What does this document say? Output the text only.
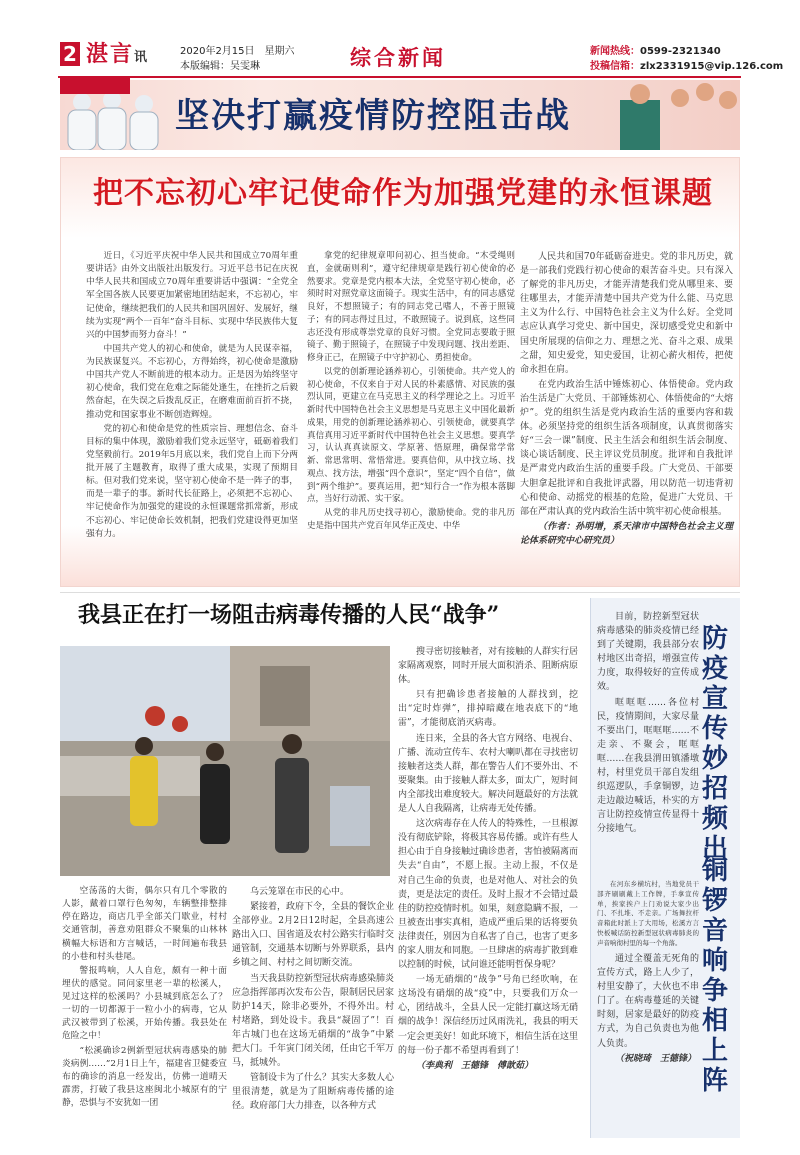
2 湛言讯	2020年2月15日　星期六
本版编辑：吴雯琳	综合新闻	新闻热线：0599-2321340
投稿信箱：zlx2331915@vip.126.com
坚决打赢疫情防控阻击战
把不忘初心牢记使命作为加强党建的永恒课题

近日，《习近平庆祝中华人民共和国成立70周年重要讲话》由外文出版社出版发行。习近平总书记在庆祝中华人民共和国成立70周年重要讲话中强调：“全党全军全国各族人民要更加紧密地团结起来，不忘初心，牢记使命，继续把我们的人民共和国巩固好、发展好，继续为实现“两个一百年”奋斗目标、实现中华民族伟大复兴的中国梦而努力奋斗！”

中国共产党人的初心和使命，就是为人民谋幸福，为民族谋复兴。不忘初心，方得始终，初心使命是激励中国共产党人不断前进的根本动力。正是因为始终坚守初心使命，我们党在危难之际能处逢生，在挫折之后毅然奋起，在失误之后拨乱反正，在磨难面前百折不挠，推动党和国家事业不断创造辉煌。

党的初心和使命是党的性质宗旨、理想信念、奋斗目标的集中体现，激励着我们党永远坚守，砥砺着我们党坚毅前行。2019年5月底以来，我们党自上而下分两批开展了主题教育，取得了重大成果，实现了预期目标。但对我们党来说，坚守初心使命不是一阵子的事，而是一辈子的事。新时代长征路上，必须把不忘初心、牢记使命作为加强党的建设的永恒课题常抓常新，形成不忘初心、牢记使命长效机制，把我们党建设得更加坚强有力。

拿党的纪律规章叩问初心、担当使命。“木受绳则直，金就砺则利”，遵守纪律规章是践行初心使命的必然要求。党章是党内根本大法，全党坚守初心使命，必须时时对照党章这面镜子。现实生活中，有的同志感觉良好，不想照镜子；有的同志党己嗜人，不善于照镜子；有的同志得过且过，不敢照镜子。说到底，这些同志还没有形成尊崇党章的良好习惯。全党同志要敢于照镜子、勤于照镜子，在照镜子中发现问题、找出差距、修身正己，在照镜子中守护初心、勇担使命。

以党的创新理论涵养初心，引领使命。共产党人的初心使命，不仅来自于对人民的朴素感情、对民族的强烈认同，更建立在马克思主义的科学理论之上。习近平新时代中国特色社会主义思想是马克思主义中国化最新成果，用党的创新理论涵养初心、引领使命，就要真学真信真用习近平新时代中国特色社会主义思想。要真学习，认认真真读原文、学原著、悟原理，确保常学常新、常思常明、常悟常进。要真信仰，从中找立场、找观点、找方法，增强“四个意识”，坚定“四个自信”，做到“两个维护”。要真运用，把“知行合一”作为根本落脚点，当好行动派、实干家。

从党的非凡历史找寻初心，激励使命。党的非凡历史是指中国共产党百年风华正茂史、中华

人民共和国70年砥砺奋进史。党的非凡历史，就是一部我们党践行初心使命的艰苦奋斗史。只有深入了解党的非凡历史，才能弄清楚我们党从哪里来、要往哪里去，才能弄清楚中国共产党为什么能、马克思主义为什么行、中国特色社会主义为什么好。全党同志应认真学习党史、新中国史，深切感受党史和新中国史所展现的信仰之力、理想之光、奋斗之艰、成果之甜，知史爱党，知史爱国，让初心薪火相传，把使命永担在肩。

在党内政治生活中锤炼初心、体悟使命。党内政治生活是广大党员、干部锤炼初心、体悟使命的“大熔炉”。党的组织生活是党内政治生活的重要内容和载体。必须坚持党的组织生活各项制度，认真贯彻落实好“三会一课”制度、民主生活会和组织生活会制度、谈心谈话制度、民主评议党员制度。批评和自我批评是严肃党内政治生活的重要手段。广大党员、干部要大胆拿起批评和自我批评武器，用以防范一切违背初心和使命、动摇党的根基的危险，促进广大党员、干部在严肃认真的党内政治生活中筑牢初心使命根基。

（作者：孙明增，系天津市中国特色社会主义理论体系研究中心研究员）

我县正在打一场阻击病毒传播的人民“战争”

空荡荡的大街，偶尔只有几个零散的人影，戴着口罩行色匆匆，车辆整排整排停在路边，商店几乎全部关门歇业，村村交通管制，善意劝阻群众不聚集的山林林横幅大标语和方言喊话，一时间遍布我县的小巷和村头巷尾。

警报鸣响，人人自危，颇有一种十面埋伏的感觉。同问家里老一辈的松溪人，见过这样的松溪吗？小县城到底怎么了？一切的一切都源于一粒小小的病毒，它从武汉被带到了松溪，开始传播。我县处在危险之中！

“松溪确诊2例新型冠状病毒感染的肺炎病例……”2月1日上午，福建省卫健委宣布的确诊的消息一经发出，仿佛一道晴天霹雳，打破了我县这座闽北小城原有的宁静，恐惧与不安犹如一团

乌云笼罩在市民的心中。

紧接着，政府下令，全县的餐饮企业全部停业。2月2日12时起，全县高速公路出入口、国省道及农村公路实行临时交通管制，交通基本切断与外界联系，县内乡镇之间、村村之间切断交流。

当天我县防控新型冠状病毒感染肺炎应急指挥部再次发布公告，限制居民居家防护14天，除非必要外，不得外出。村村堵路，到处设卡。我县“凝固了”！百年古城门也在这场无硝烟的“战争”中紧把大门。千年寅门闭关闭，任由它千军万马，抵城外。

管制设卡为了什么？其实大多数人心里很清楚，就是为了阻断病毒传播的途径。政府部门大力排查，以各种方式

搜寻密切接触者，对有接触的人群实行居家隔离观察，同时开展大面积消杀、阻断病原体。

只有把确诊患者接触的人群找到，挖出“定时炸弹”，排掉暗藏在地表底下的“地雷”，才能彻底消灭病毒。

连日来，全县的各大官方网络、电视台、广播、流动宣传车、农村大喇叭都在寻找密切接触者这类人群，都在警告人们不要外出、不要聚集。由于接触人群太多，面太广，短时间内全部找出难度较大。解决问题最好的方法就是人人自我隔离，让病毒无处传播。

这次病毒存在人传人的特殊性，一旦根源没有彻底铲除，将极其容易传播。或许有些人担心由于自身接触过确诊患者，害怕被隔离而失去“自由”，不愿上报。主动上报，不仅是对自己生命的负责，也是对他人、对社会的负责，更是法定的责任。及时上报才不会错过最佳的防控疫情时机。如果，刻意隐瞒不报，一旦被查出事实真相，造成严重后果的话将要负法律责任，别因为自私害了自己，也害了更多的家人朋友和同胞。一旦肆虐的病毒扩散到难以控制的时候，试问谁还能明哲保身呢？

一场无硝烟的“战争”号角已经吹响，在这场没有硝烟的战“疫”中，只要我们万众一心，团结战斗，全县人民一定能打赢这场无硝烟的战争！深信经历过风雨洗礼，我县的明天一定会更美好！如此环境下，相信生活在这里的每一份子都不希望再看到了！

（李典利　王德锋　傅歆茹）

防疫宣传妙招频出
铜锣音响争相上阵

目前，防控新型冠状病毒感染的肺炎疫情已经到了关键期，我县部分农村地区出奇招，增强宣传力度，取得较好的宣传成效。

哐哐哐……各位村民，疫情期间，大家尽量不要出门，哐哐哐……不走亲、不聚会，哐哐哐……在我县渭田镇潘墩村，村里党员干部自发组织巡逻队，手拿铜锣，边走边敲边喊话，朴实的方言让防控疫情宣传显得十分接地气。

在河东乡横坑村，当地党员干部齐刷刷戴上工作牌，手拿宣传单，挨家挨户上门劝说大家少出门、不扎堆、不走亲。广场舞拉杆音箱此时派上了大用场，松溪方言快板喊话防控新型冠状病毒肺炎的声音响彻村里的每一个角落。

通过全覆盖无死角的宣传方式，路上人少了，村里安静了，大伙也不串门了。在病毒蔓延的关键时刻，居家是最好的防疫方式，为自己负责也为他人负责。

（祝晓琦　王德锋）
